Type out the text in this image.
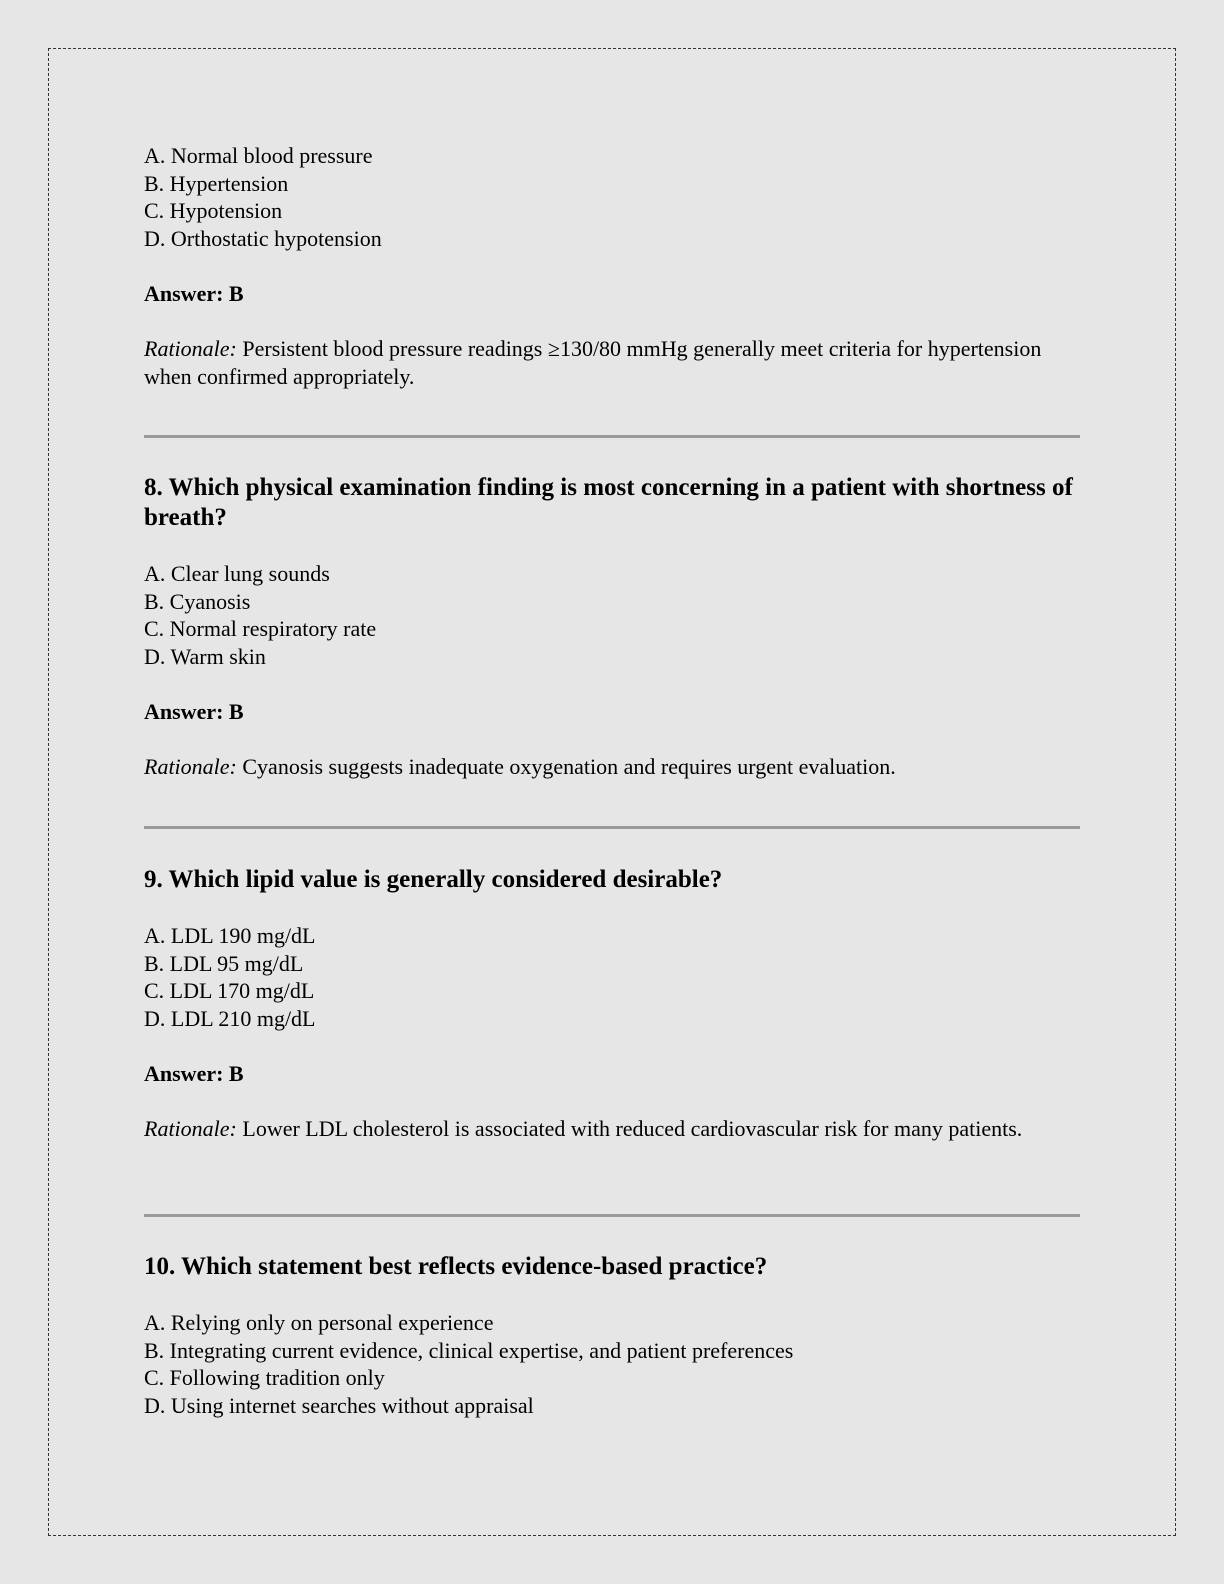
A. Normal blood pressure

B. Hypertension

C. Hypotension

D. Orthostatic hypotension

Answer: B

Rationale: Persistent blood pressure readings ≥130/80 mmHg generally meet criteria for hypertension when confirmed appropriately.

8. Which physical examination finding is most concerning in a patient with shortness of breath?

A. Clear lung sounds

B. Cyanosis

C. Normal respiratory rate

D. Warm skin

Answer: B

Rationale: Cyanosis suggests inadequate oxygenation and requires urgent evaluation.

9. Which lipid value is generally considered desirable?

A. LDL 190 mg/dL

B. LDL 95 mg/dL

C. LDL 170 mg/dL

D. LDL 210 mg/dL

Answer: B

Rationale: Lower LDL cholesterol is associated with reduced cardiovascular risk for many patients.

10. Which statement best reflects evidence-based practice?

A. Relying only on personal experience

B. Integrating current evidence, clinical expertise, and patient preferences

C. Following tradition only

D. Using internet searches without appraisal
